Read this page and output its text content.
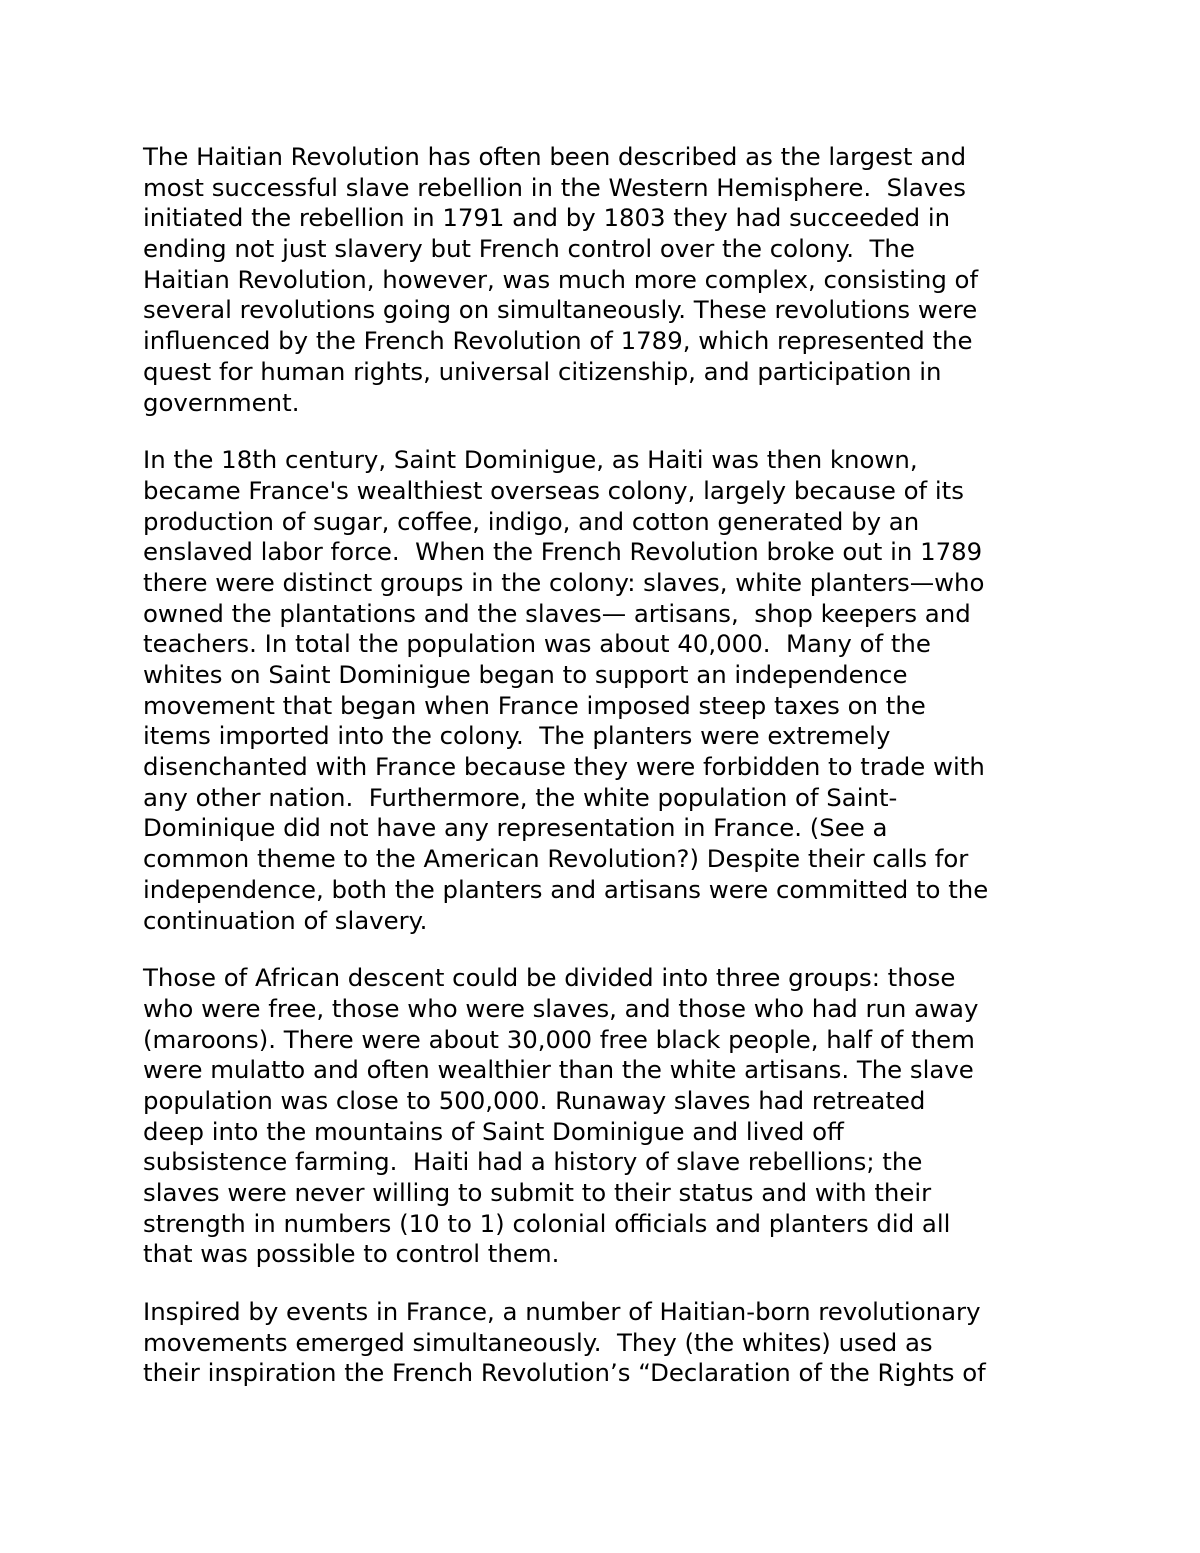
The Haitian Revolution has often been described as the largest and
most successful slave rebellion in the Western Hemisphere.  Slaves
initiated the rebellion in 1791 and by 1803 they had succeeded in
ending not just slavery but French control over the colony.  The
Haitian Revolution, however, was much more complex, consisting of
several revolutions going on simultaneously. These revolutions were
influenced by the French Revolution of 1789, which represented the
quest for human rights, universal citizenship, and participation in
government.
In the 18th century, Saint Dominigue, as Haiti was then known,
became France's wealthiest overseas colony, largely because of its
production of sugar, coffee, indigo, and cotton generated by an
enslaved labor force.  When the French Revolution broke out in 1789
there were distinct groups in the colony: slaves, white planters—who
owned the plantations and the slaves— artisans,  shop keepers and
teachers. In total the population was about 40,000.  Many of the
whites on Saint Dominigue began to support an independence
movement that began when France imposed steep taxes on the
items imported into the colony.  The planters were extremely
disenchanted with France because they were forbidden to trade with
any other nation.  Furthermore, the white population of Saint-
Dominique did not have any representation in France. (See a
common theme to the American Revolution?) Despite their calls for
independence, both the planters and artisans were committed to the
continuation of slavery.
Those of African descent could be divided into three groups: those
who were free, those who were slaves, and those who had run away
(maroons). There were about 30,000 free black people, half of them
were mulatto and often wealthier than the white artisans. The slave
population was close to 500,000. Runaway slaves had retreated
deep into the mountains of Saint Dominigue and lived off
subsistence farming.  Haiti had a history of slave rebellions; the
slaves were never willing to submit to their status and with their
strength in numbers (10 to 1) colonial officials and planters did all
that was possible to control them.
Inspired by events in France, a number of Haitian-born revolutionary
movements emerged simultaneously.  They (the whites) used as
their inspiration the French Revolution’s “Declaration of the Rights of
